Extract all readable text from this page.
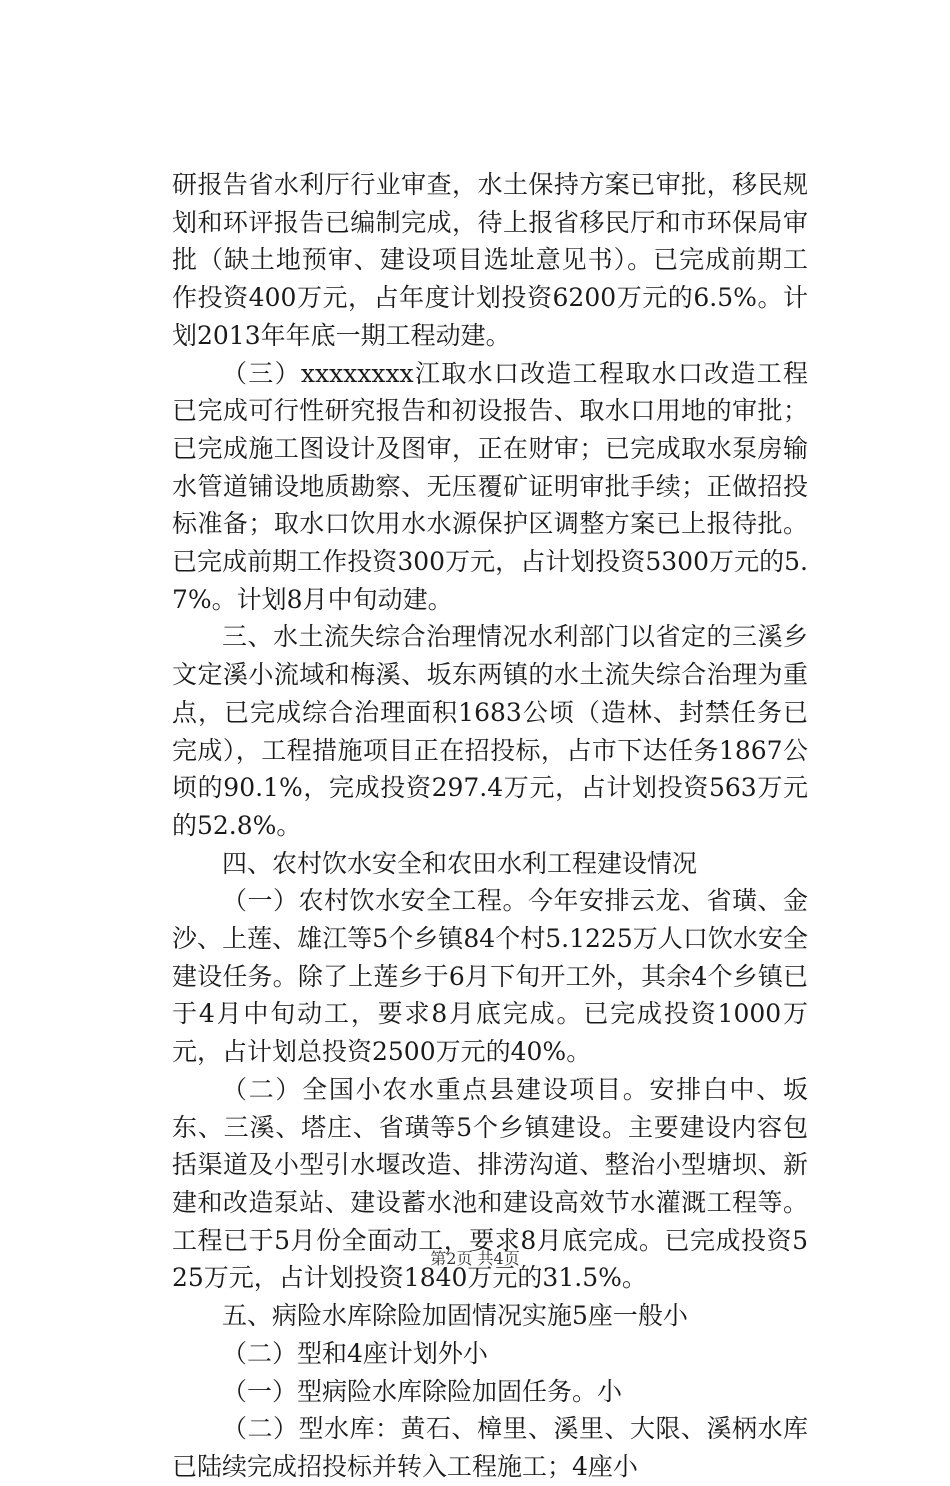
研报告省水利厅行业审查，水土保持方案已审批，移民规划和环评报告已编制完成，待上报省移民厅和市环保局审批（缺土地预审、建设项目选址意见书）。已完成前期工作投资400万元，占年度计划投资6200万元的6.5%。计划2013年年底一期工程动建。

（三）xxxxxxxx江取水口改造工程取水口改造工程已完成可行性研究报告和初设报告、取水口用地的审批；已完成施工图设计及图审，正在财审；已完成取水泵房输水管道铺设地质勘察、无压覆矿证明审批手续；正做招投标准备；取水口饮用水水源保护区调整方案已上报待批。已完成前期工作投资300万元，占计划投资5300万元的5.7%。计划8月中旬动建。

三、水土流失综合治理情况水利部门以省定的三溪乡文定溪小流域和梅溪、坂东两镇的水土流失综合治理为重点，已完成综合治理面积1683公顷（造林、封禁任务已完成），工程措施项目正在招投标，占市下达任务1867公顷的90.1%，完成投资297.4万元，占计划投资563万元的52.8%。

四、农村饮水安全和农田水利工程建设情况

（一）农村饮水安全工程。今年安排云龙、省璜、金沙、上莲、雄江等5个乡镇84个村5.1225万人口饮水安全建设任务。除了上莲乡于6月下旬开工外，其余4个乡镇已于4月中旬动工，要求8月底完成。已完成投资1000万元，占计划总投资2500万元的40%。

（二）全国小农水重点县建设项目。安排白中、坂东、三溪、塔庄、省璜等5个乡镇建设。主要建设内容包括渠道及小型引水堰改造、排涝沟道、整治小型塘坝、新建和改造泵站、建设蓄水池和建设高效节水灌溉工程等。工程已于5月份全面动工，要求8月底完成。已完成投资525万元，占计划投资1840万元的31.5%。

五、病险水库除险加固情况实施5座一般小

（二）型和4座计划外小

（一）型病险水库除险加固任务。小

（二）型水库：黄石、樟里、溪里、大限、溪柄水库已陆续完成招投标并转入工程施工；4座小

第2页 共4页
